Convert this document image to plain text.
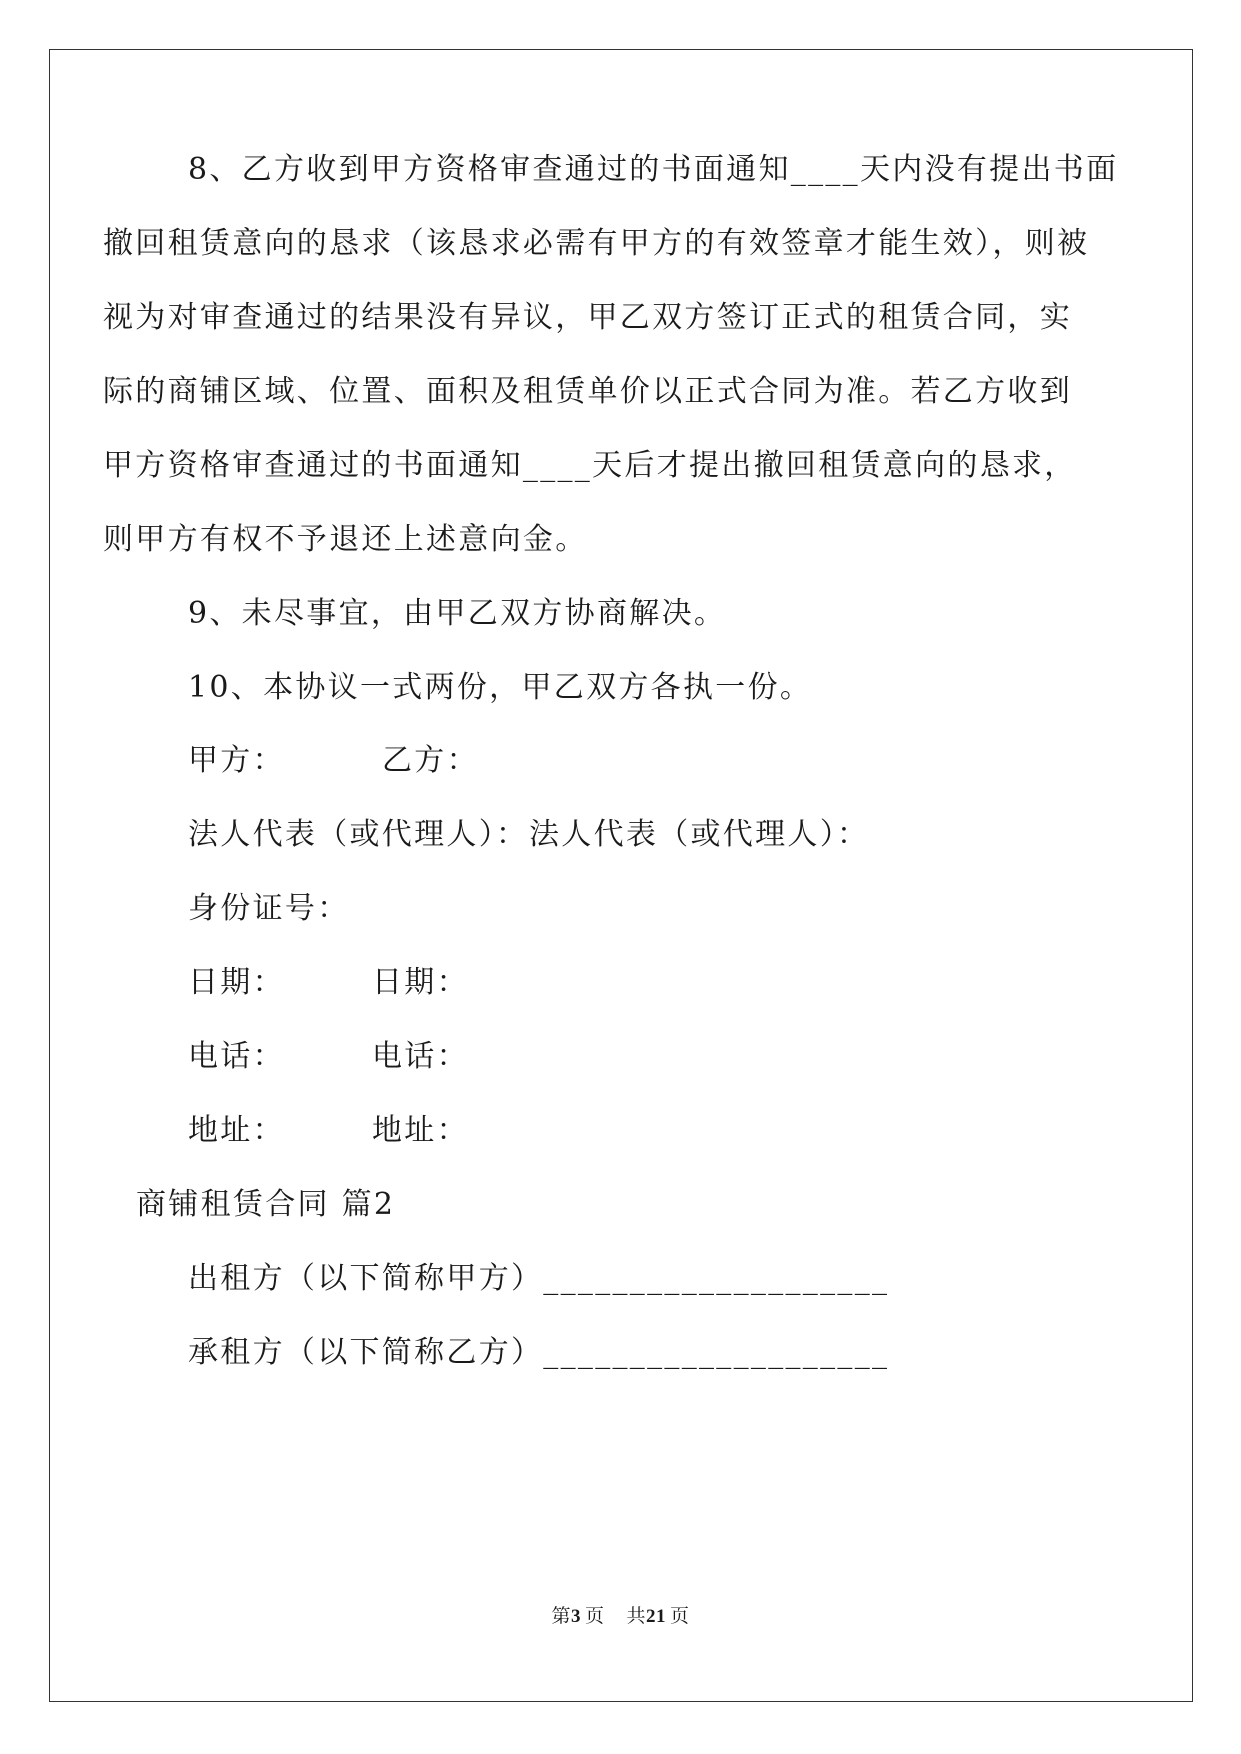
8、乙方收到甲方资格审查通过的书面通知____天内没有提出书面
撤回租赁意向的恳求（该恳求必需有甲方的有效签章才能生效），则被
视为对审查通过的结果没有异议，甲乙双方签订正式的租赁合同，实
际的商铺区域、位置、面积及租赁单价以正式合同为准。若乙方收到
甲方资格审查通过的书面通知____天后才提出撤回租赁意向的恳求，
则甲方有权不予退还上述意向金。
9、未尽事宜，由甲乙双方协商解决。
10、本协议一式两份，甲乙双方各执一份。
甲方：	乙方：
法人代表（或代理人）： 法人代表（或代理人）：
身份证号：
日期：	日期：
电话：	电话：
地址：	地址：
商铺租赁合同 篇2
出租方（以下简称甲方）____________________
承租方（以下简称乙方）____________________
第3 页 共21 页
